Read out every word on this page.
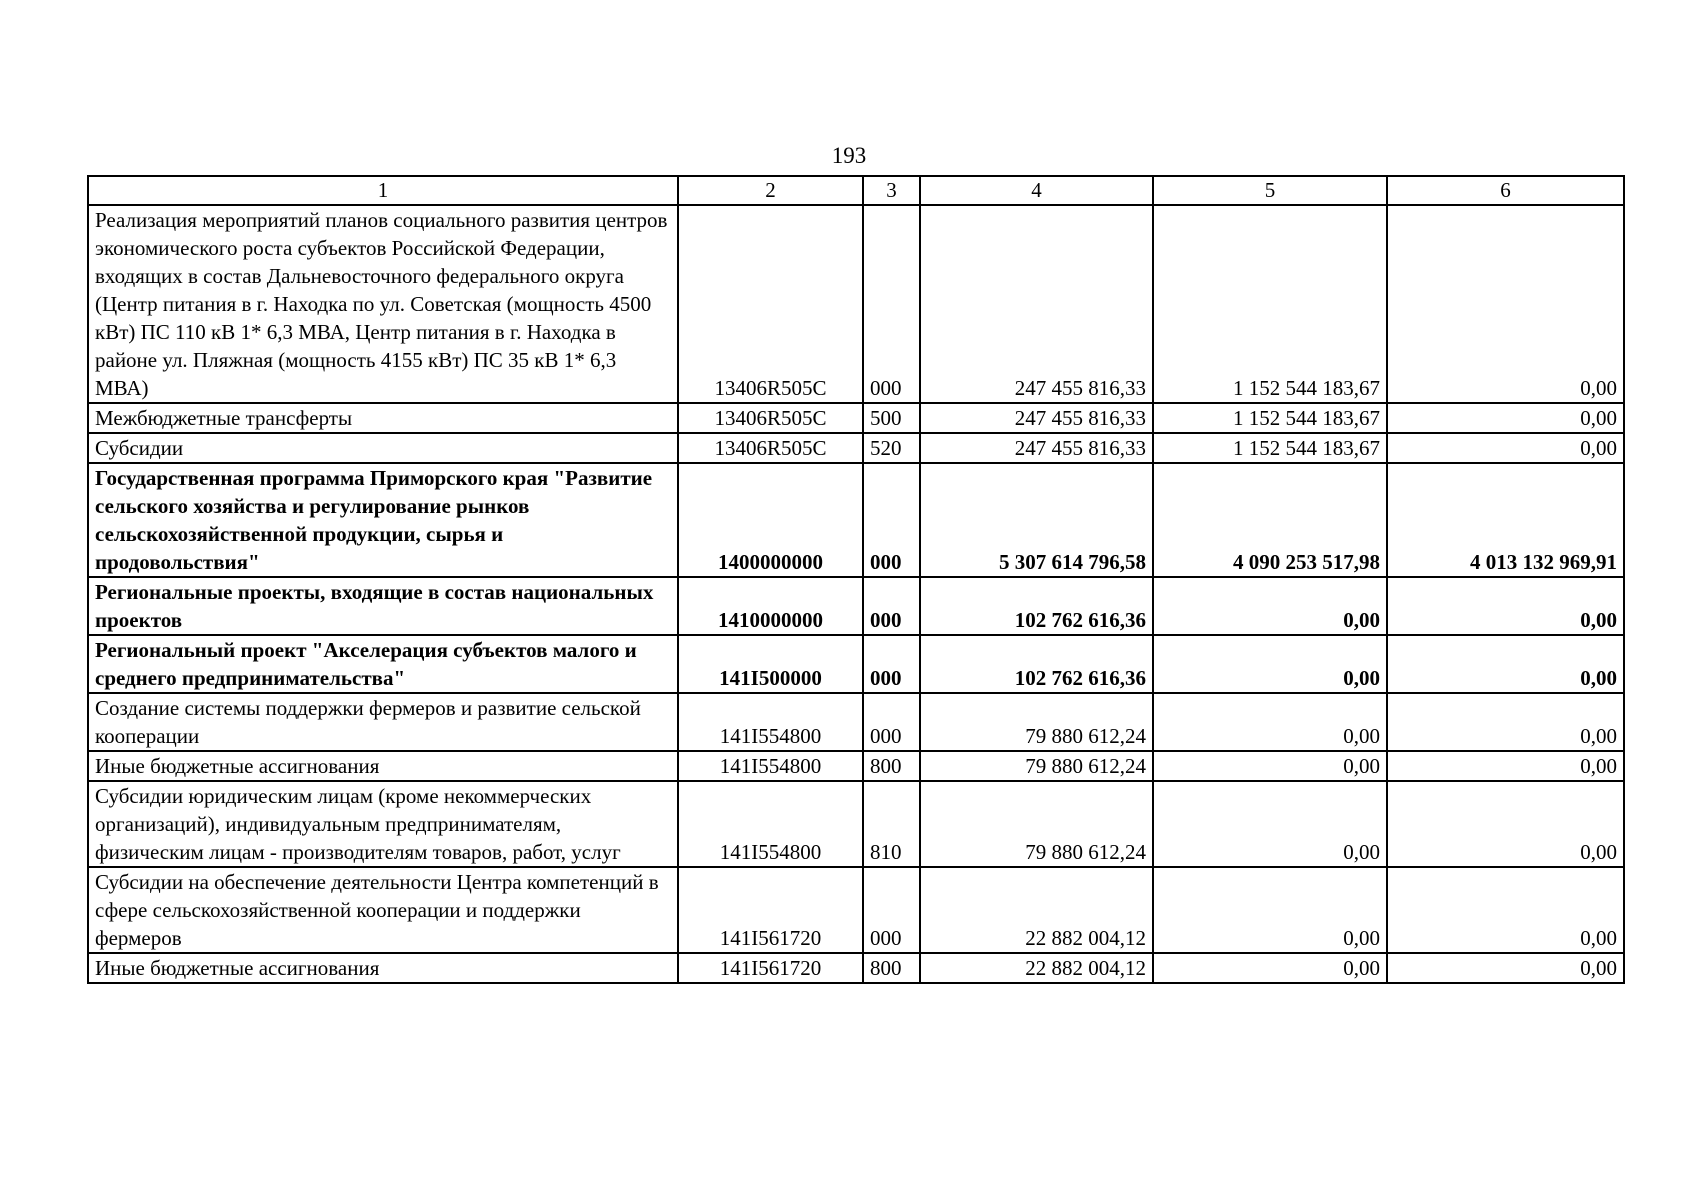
193
1	2	3	4	5	6
Реализация мероприятий планов социального развития центров экономического роста субъектов Российской Федерации, входящих в состав Дальневосточного федерального округа (Центр питания в г. Находка по ул. Советская (мощность 4500 кВт) ПС 110 кВ 1* 6,3 МВА, Центр питания в г. Находка в районе ул. Пляжная (мощность 4155 кВт) ПС 35 кВ 1* 6,3 МВА)	13406R505C	000	247 455 816,33	1 152 544 183,67	0,00
Межбюджетные трансферты	13406R505C	500	247 455 816,33	1 152 544 183,67	0,00
Субсидии	13406R505C	520	247 455 816,33	1 152 544 183,67	0,00
Государственная программа Приморского края "Развитие сельского хозяйства и регулирование рынков сельскохозяйственной продукции, сырья и продовольствия"	1400000000	000	5 307 614 796,58	4 090 253 517,98	4 013 132 969,91
Региональные проекты, входящие в состав национальных проектов	1410000000	000	102 762 616,36	0,00	0,00
Региональный проект "Акселерация субъектов малого и среднего предпринимательства"	141I500000	000	102 762 616,36	0,00	0,00
Создание системы поддержки фермеров и развитие сельской кооперации	141I554800	000	79 880 612,24	0,00	0,00
Иные бюджетные ассигнования	141I554800	800	79 880 612,24	0,00	0,00
Субсидии юридическим лицам (кроме некоммерческих организаций), индивидуальным предпринимателям, физическим лицам - производителям товаров, работ, услуг	141I554800	810	79 880 612,24	0,00	0,00
Субсидии на обеспечение деятельности Центра компетенций в сфере сельскохозяйственной кооперации и поддержки фермеров	141I561720	000	22 882 004,12	0,00	0,00
Иные бюджетные ассигнования	141I561720	800	22 882 004,12	0,00	0,00
